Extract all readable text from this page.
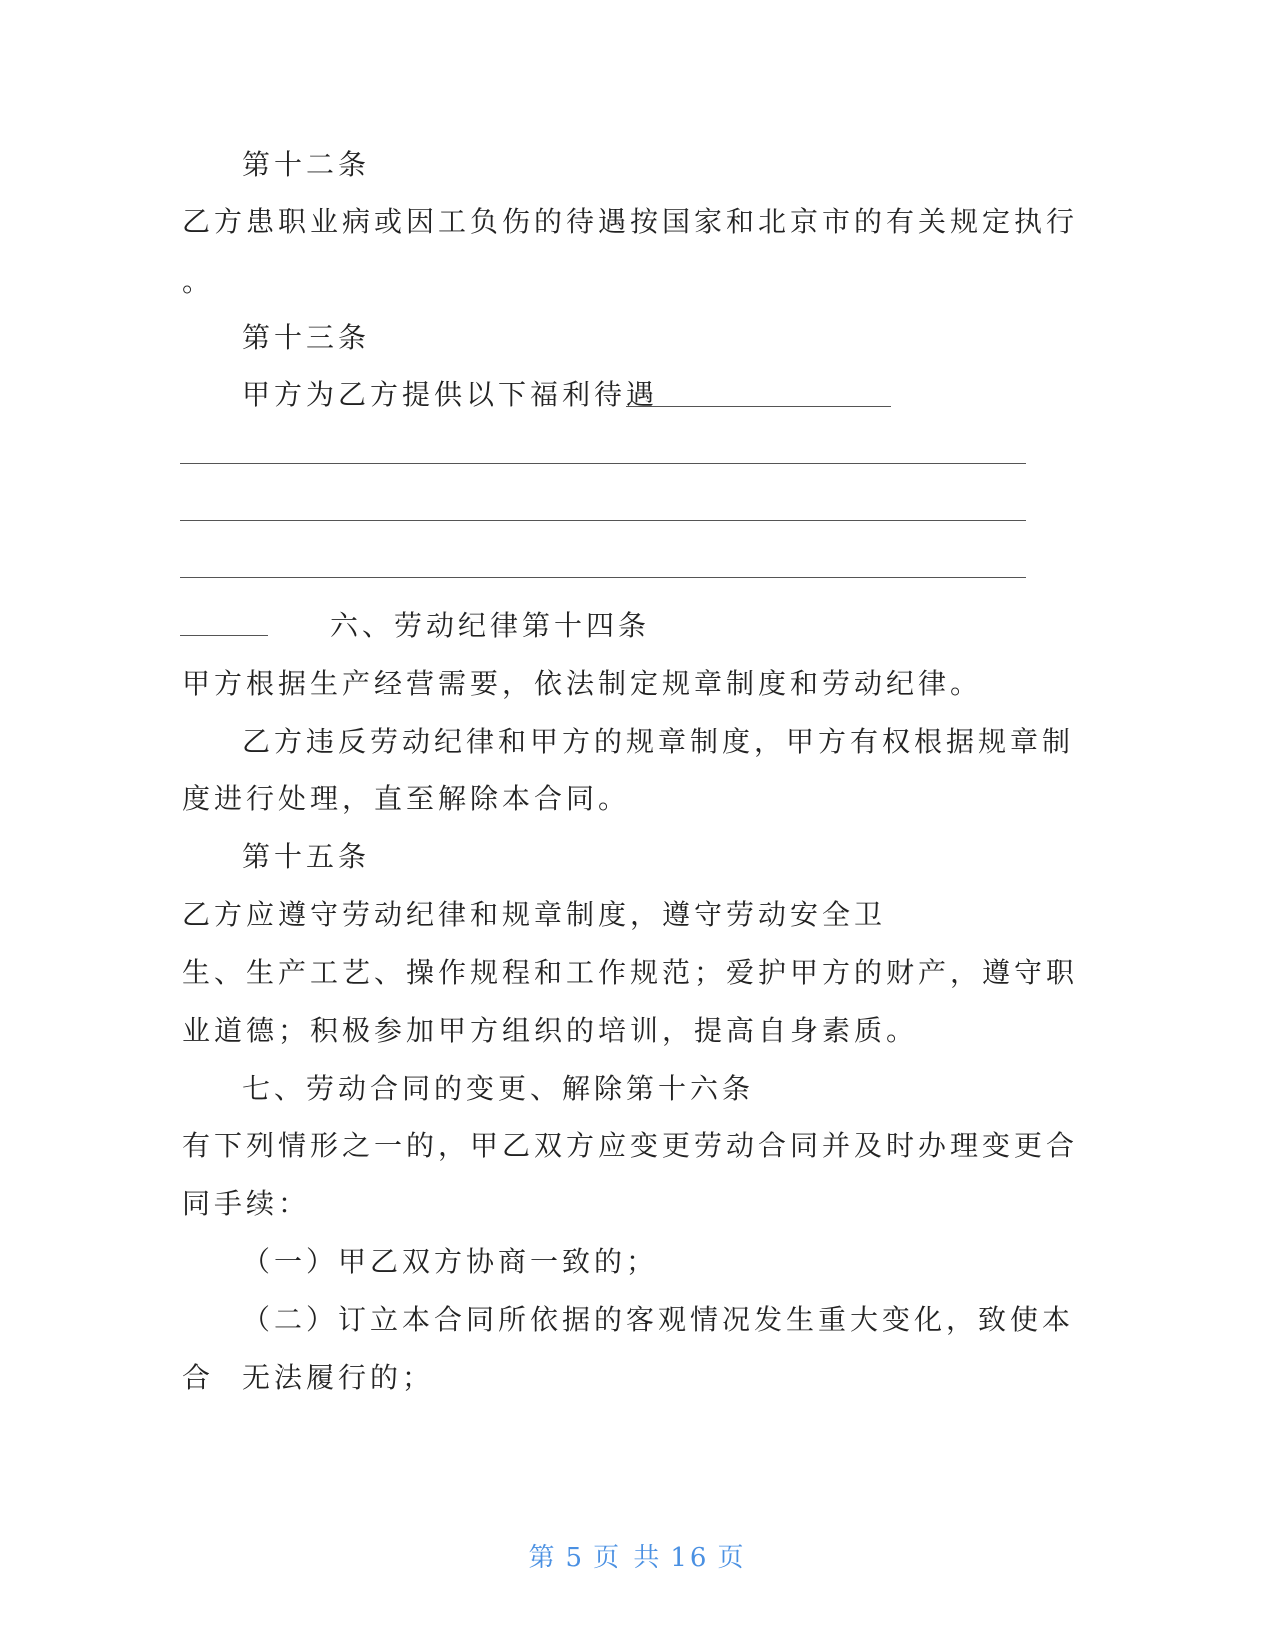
第十二条
乙方患职业病或因工负伤的待遇按国家和北京市的有关规定执行
。
第十三条
甲方为乙方提供以下福利待遇
六、劳动纪律第十四条
甲方根据生产经营需要，依法制定规章制度和劳动纪律。
乙方违反劳动纪律和甲方的规章制度，甲方有权根据规章制
度进行处理，直至解除本合同。
第十五条
乙方应遵守劳动纪律和规章制度，遵守劳动安全卫
生、生产工艺、操作规程和工作规范；爱护甲方的财产，遵守职
业道德；积极参加甲方组织的培训，提高自身素质。
七、劳动合同的变更、解除第十六条
有下列情形之一的，甲乙双方应变更劳动合同并及时办理变更合
同手续：
（一）甲乙双方协商一致的；
（二）订立本合同所依据的客观情况发生重大变化，致使本
合 无法履行的；
第 5 页 共 16 页
